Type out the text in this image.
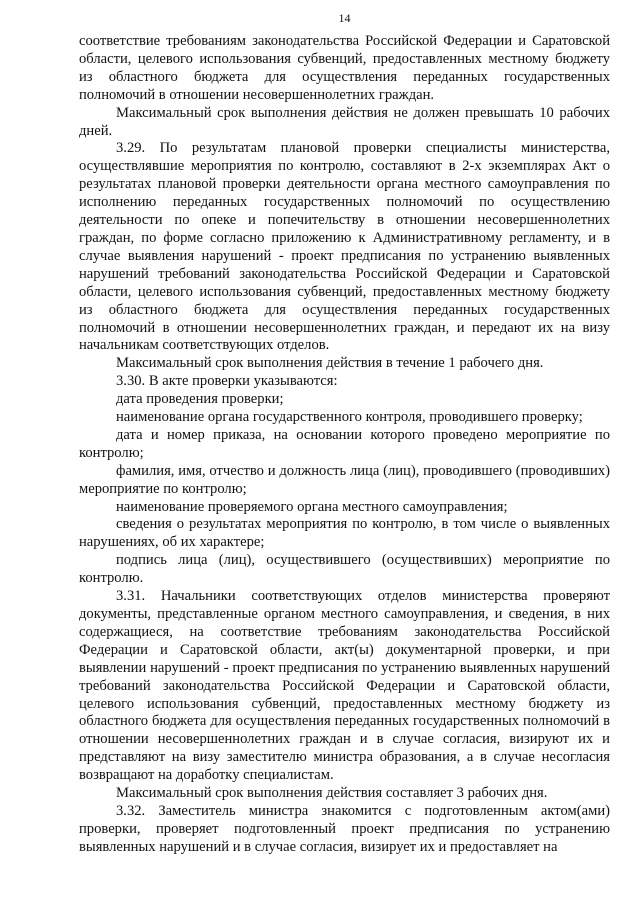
14

соответствие требованиям законодательства Российской Федерации и Саратовской области, целевого использования субвенций, предоставленных местному бюджету из областного бюджета для осуществления переданных государственных полномочий в отношении несовершеннолетних граждан.

Максимальный срок выполнения действия не должен превышать 10 рабочих дней.

3.29. По результатам плановой проверки специалисты министерства, осуществлявшие мероприятия по контролю, составляют в 2-х экземплярах Акт о результатах плановой проверки деятельности органа местного самоуправления по исполнению переданных государственных полномочий по осуществлению деятельности по опеке и попечительству в отношении несовершеннолетних граждан, по форме согласно приложению к Административному регламенту, и в случае выявления нарушений - проект предписания по устранению выявленных нарушений требований законодательства Российской Федерации и Саратовской области, целевого использования субвенций, предоставленных местному бюджету из областного бюджета для осуществления переданных государственных полномочий в отношении несовершеннолетних граждан, и передают их на визу начальникам соответствующих отделов.

Максимальный срок выполнения действия в течение 1 рабочего дня.

3.30. В акте проверки указываются:

дата проведения проверки;

наименование органа государственного контроля, проводившего проверку;

дата и номер приказа, на основании которого проведено мероприятие по контролю;

фамилия, имя, отчество и должность лица (лиц), проводившего (проводивших) мероприятие по контролю;

наименование проверяемого органа местного самоуправления;

сведения о результатах мероприятия по контролю, в том числе о выявленных нарушениях, об их характере;

подпись лица (лиц), осуществившего (осуществивших) мероприятие по контролю.

3.31. Начальники соответствующих отделов министерства проверяют документы, представленные органом местного самоуправления, и сведения, в них содержащиеся, на соответствие требованиям законодательства Российской Федерации и Саратовской области, акт(ы) документарной проверки, и при выявлении нарушений - проект предписания по устранению выявленных нарушений требований законодательства Российской Федерации и Саратовской области, целевого использования субвенций, предоставленных местному бюджету из областного бюджета для осуществления переданных государственных полномочий в отношении несовершеннолетних граждан и в случае согласия, визируют их и представляют на визу заместителю министра образования, а в случае несогласия возвращают на доработку специалистам.

Максимальный срок выполнения действия составляет 3 рабочих дня.

3.32. Заместитель министра знакомится с подготовленным актом(ами) проверки, проверяет подготовленный проект предписания по устранению выявленных нарушений и в случае согласия, визирует их и предоставляет на
